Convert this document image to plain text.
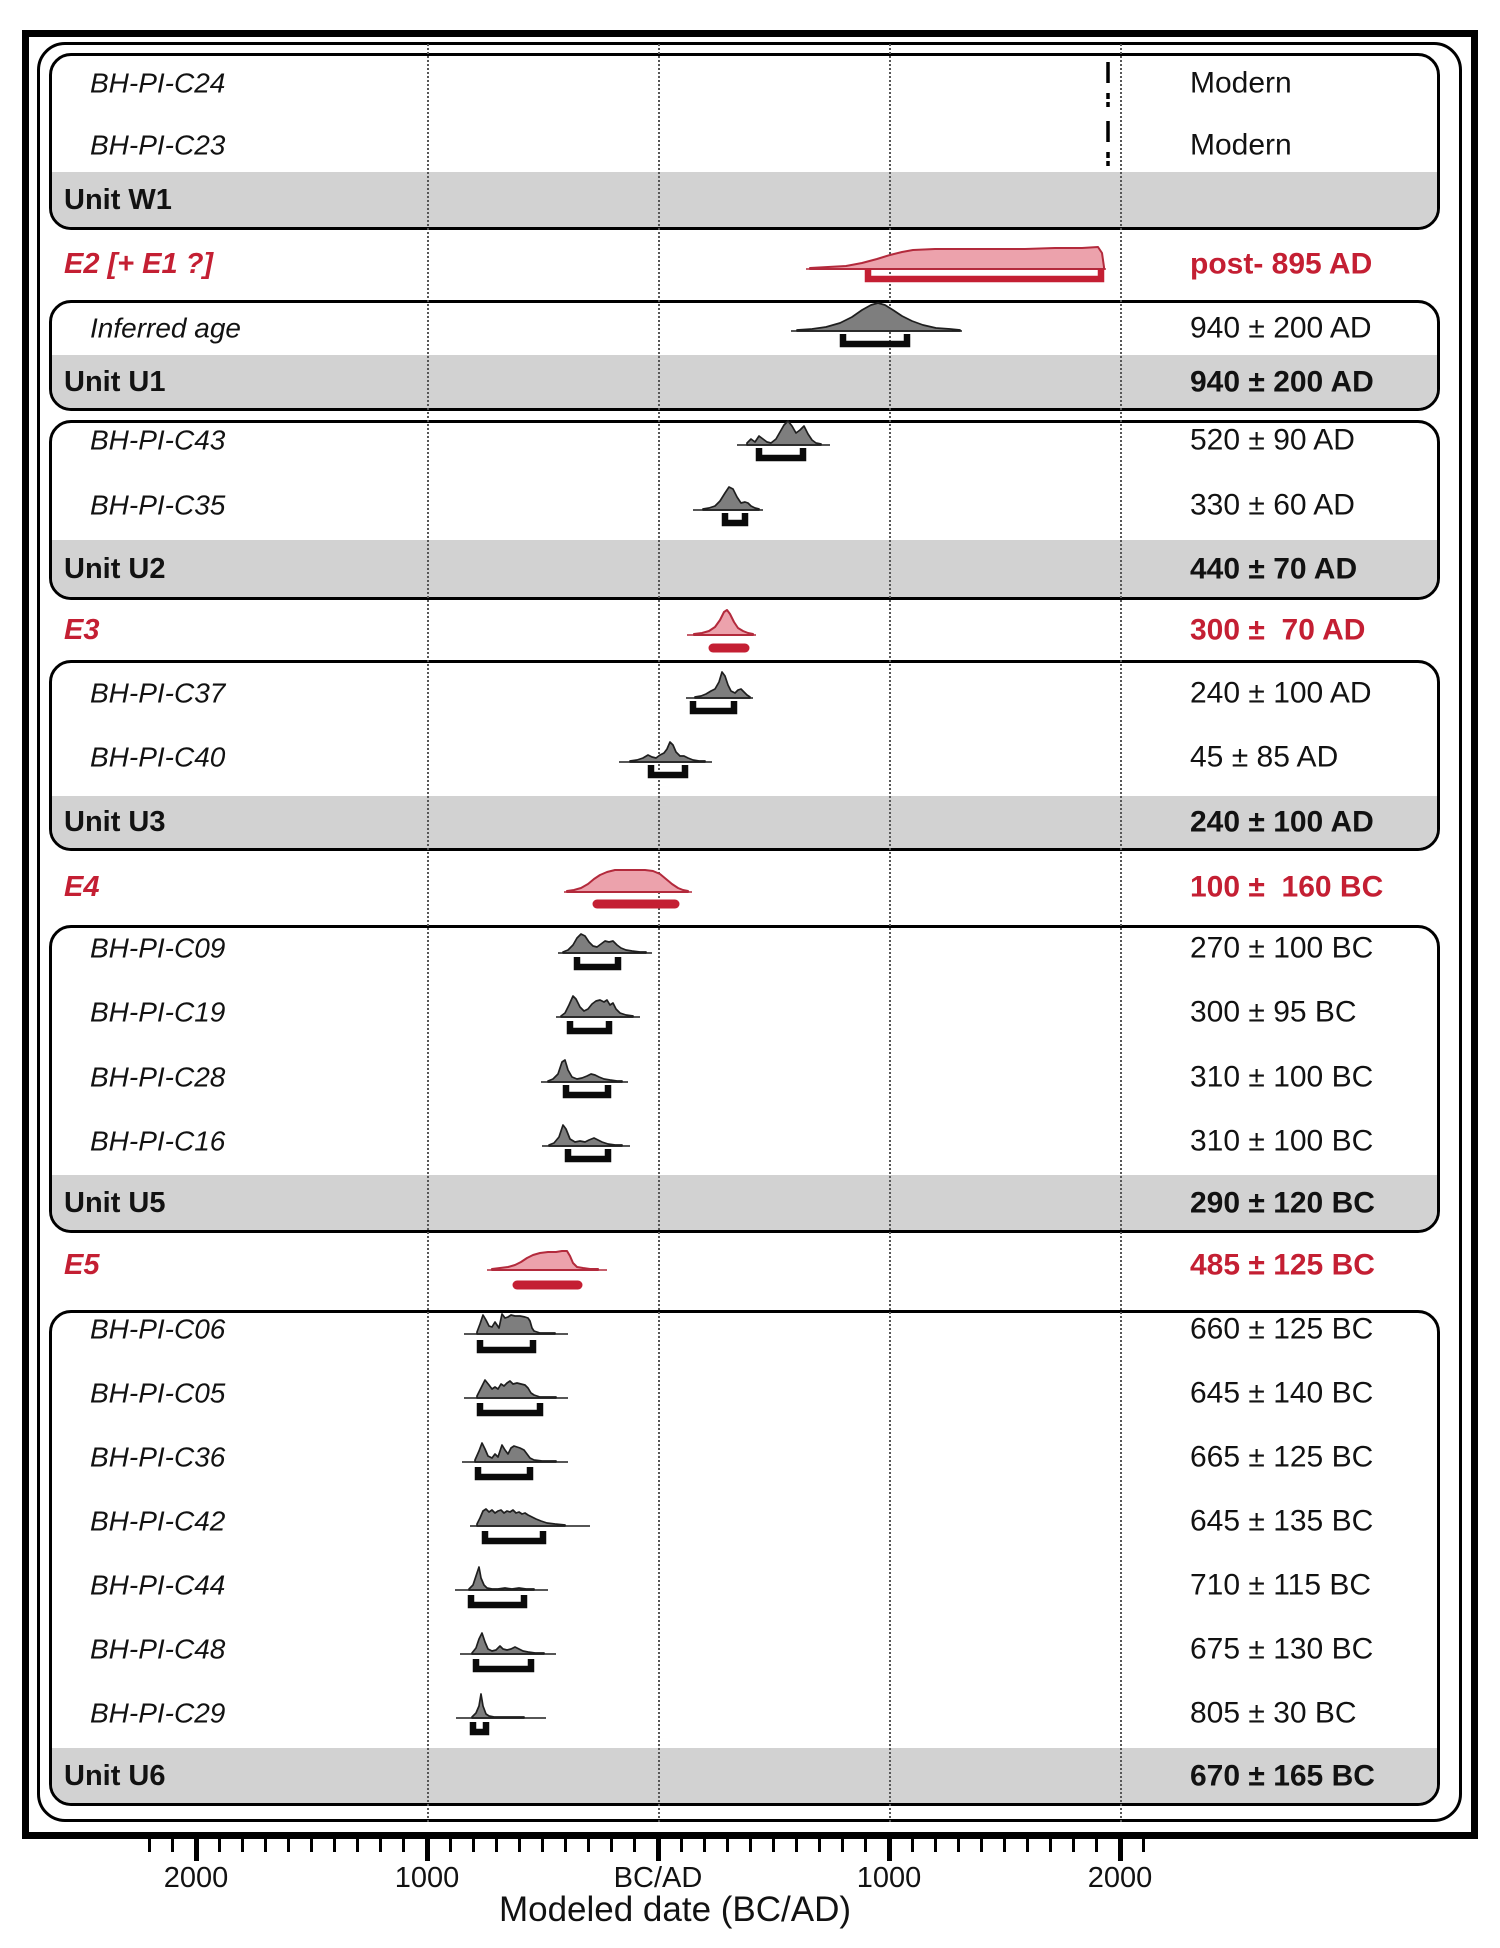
BH-PI-C24	Modern
BH-PI-C23	Modern
Unit W1
E2 [+ E1 ?]	post- 895 AD
Inferred age	940 ± 200 AD
Unit U1	940 ± 200 AD
BH-PI-C43	520 ± 90 AD
BH-PI-C35	330 ± 60 AD
Unit U2	440 ± 70 AD
E3	300 ±  70 AD
BH-PI-C37	240 ± 100 AD
BH-PI-C40	45 ± 85 AD
Unit U3	240 ± 100 AD
E4	100 ±  160 BC
BH-PI-C09	270 ± 100 BC
BH-PI-C19	300 ± 95 BC
BH-PI-C28	310 ± 100 BC
BH-PI-C16	310 ± 100 BC
Unit U5	290 ± 120 BC
E5	485 ± 125 BC
BH-PI-C06	660 ± 125 BC
BH-PI-C05	645 ± 140 BC
BH-PI-C36	665 ± 125 BC
BH-PI-C42	645 ± 135 BC
BH-PI-C44	710 ± 115 BC
BH-PI-C48	675 ± 130 BC
BH-PI-C29	805 ± 30 BC
Unit U6	670 ± 165 BC
2000	1000	BC/AD	1000	2000
Modeled date (BC/AD)
